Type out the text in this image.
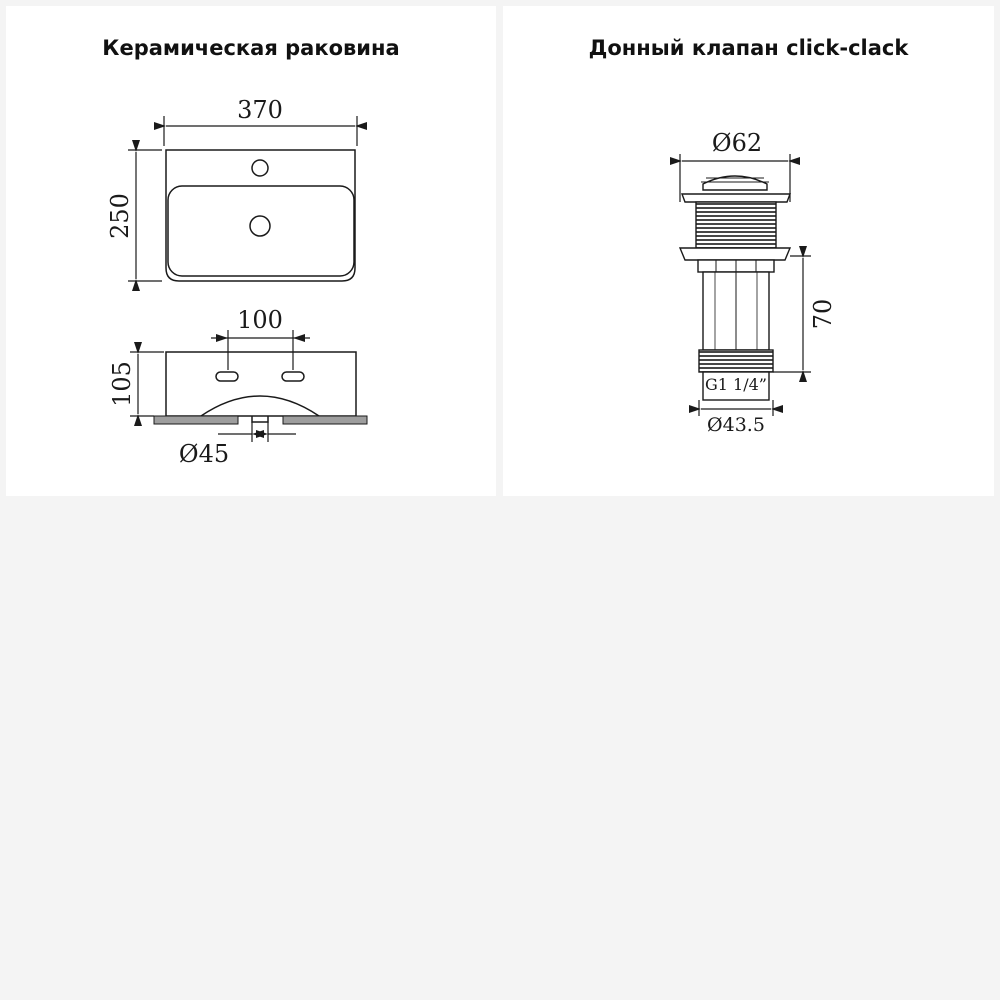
Керамическая раковина
370
250
100
105
Ø45
Донный клапан click-clack
Ø62
70
G1 1/4”
Ø43.5
